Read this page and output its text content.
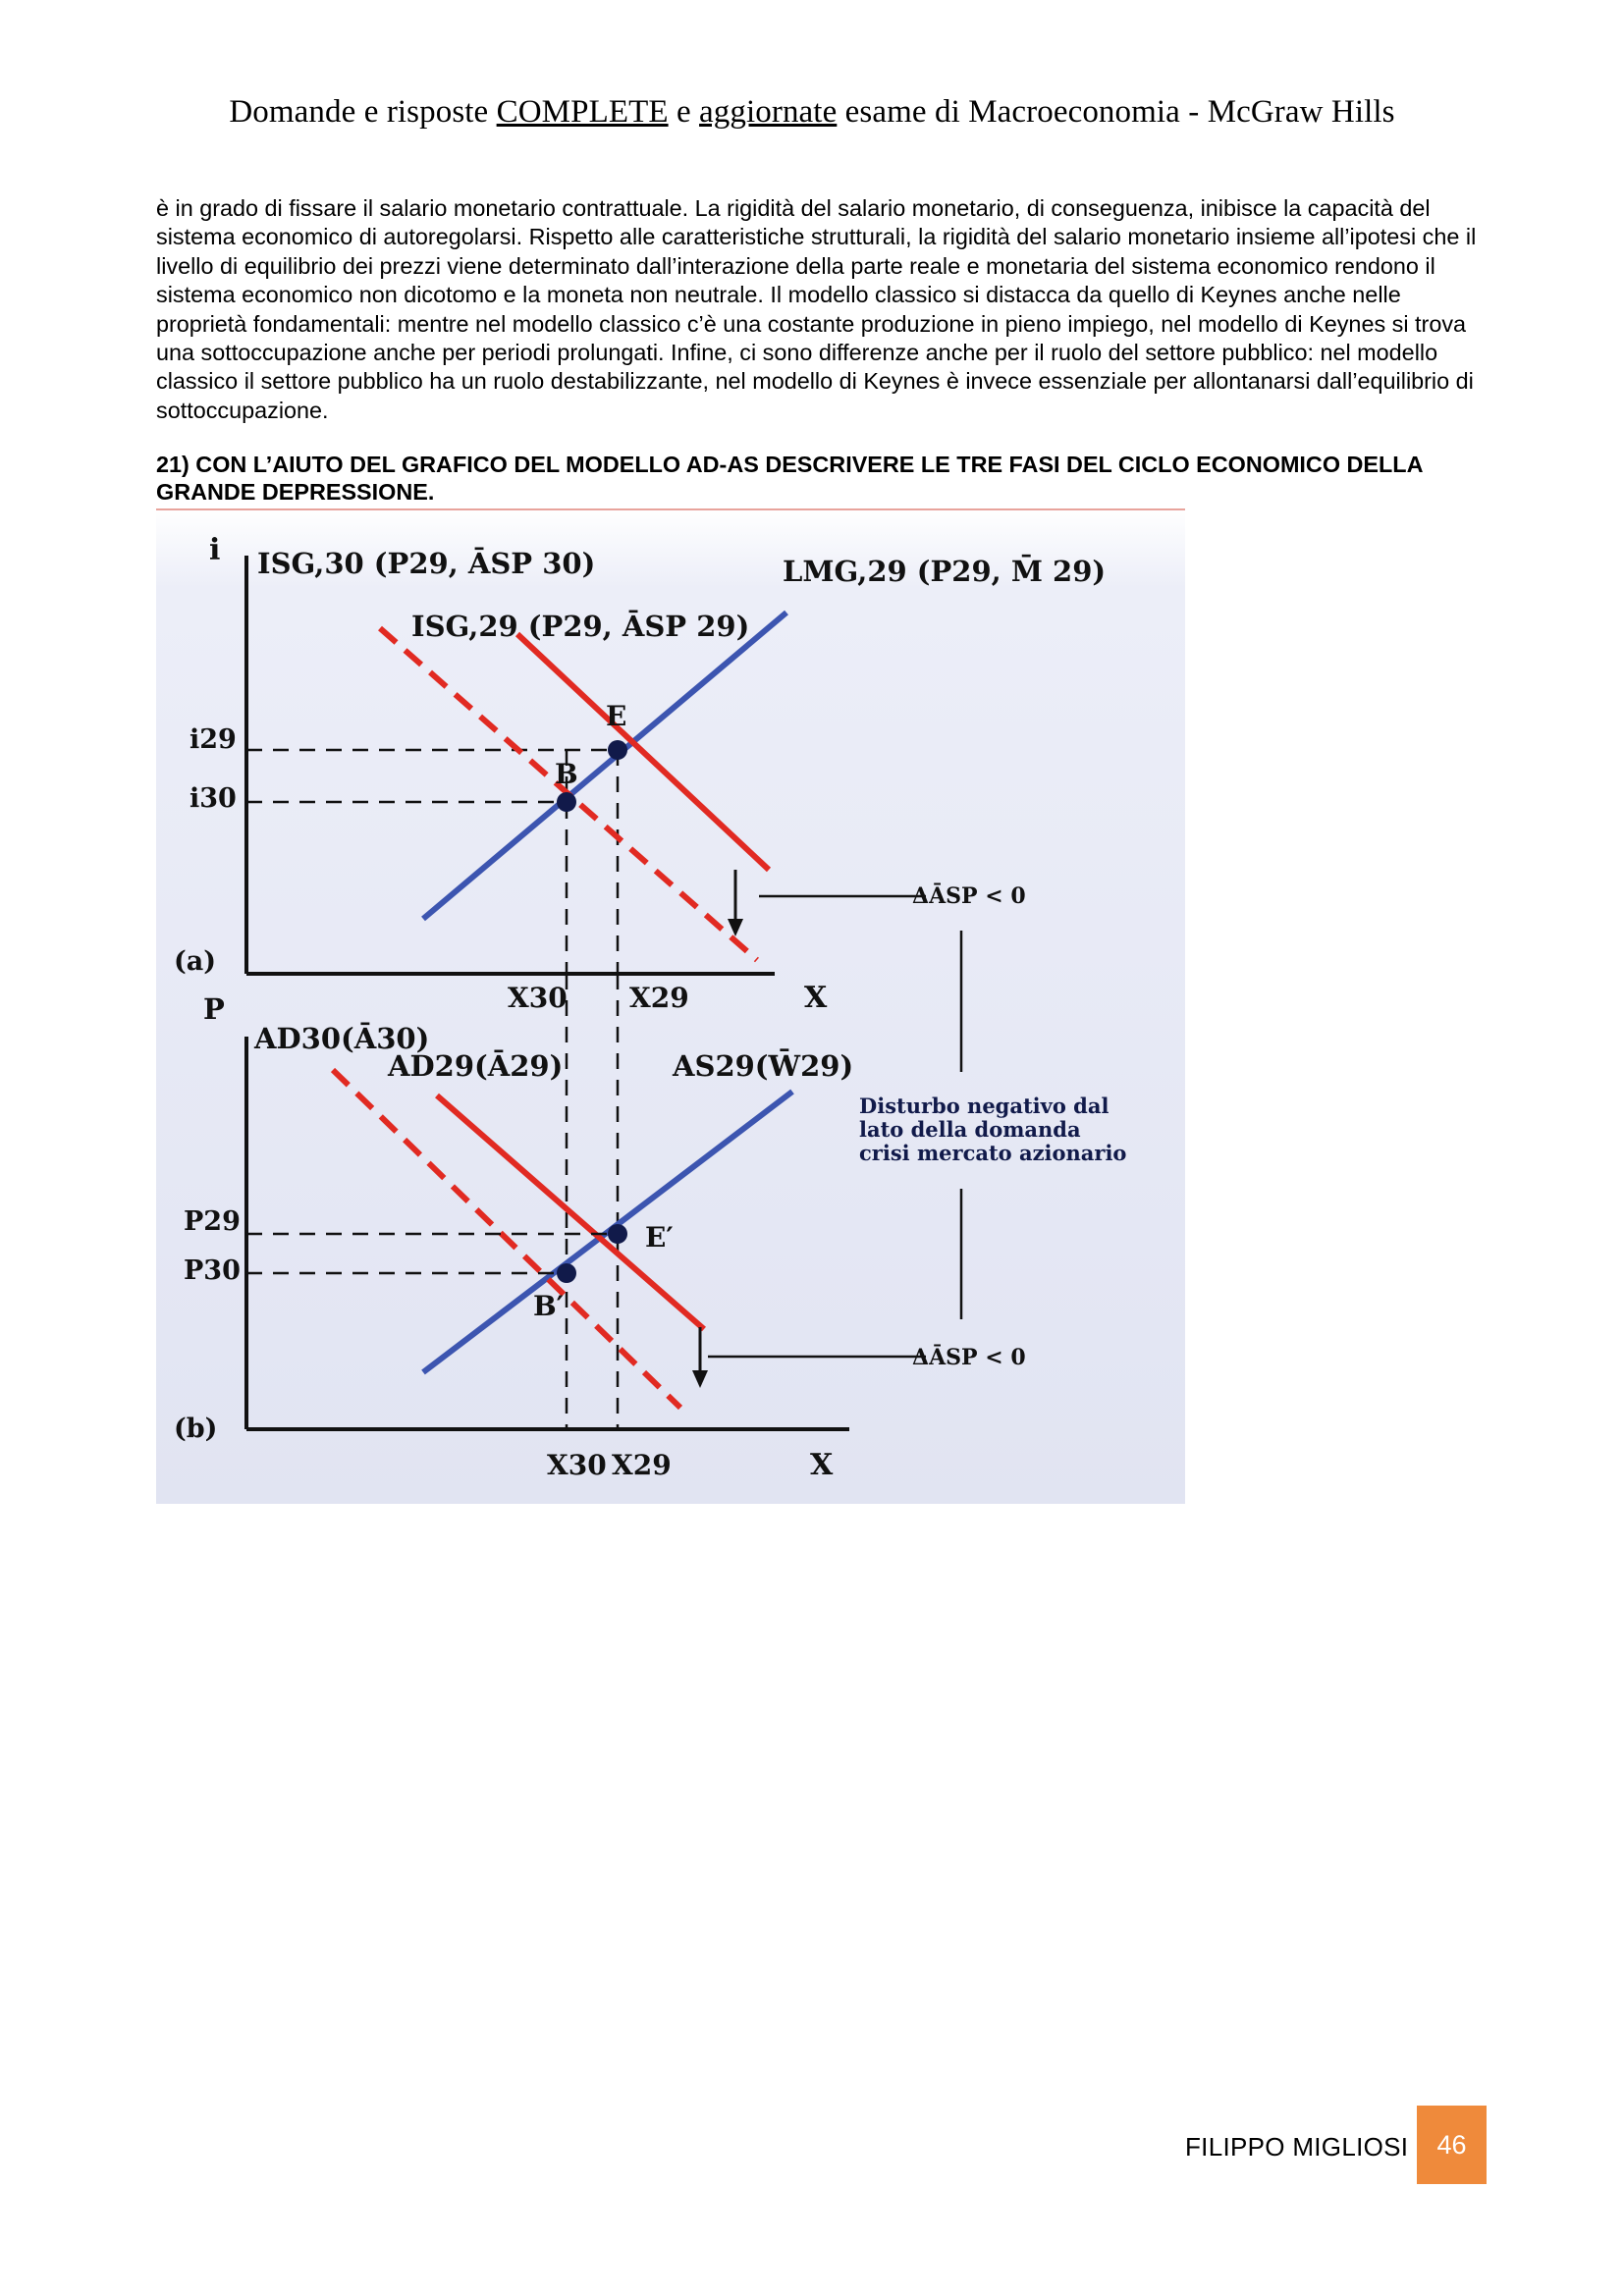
Domande e risposte COMPLETE e aggiornate esame di Macroeconomia - McGraw Hills

è in grado di fissare il salario monetario contrattuale. La rigidità del salario monetario, di conseguenza, inibisce la capacità del sistema economico di autoregolarsi. Rispetto alle caratteristiche strutturali, la rigidità del salario monetario insieme all’ipotesi che il livello di equilibrio dei prezzi viene determinato dall’interazione della parte reale e monetaria del sistema economico rendono il sistema economico non dicotomo e la moneta non neutrale. Il modello classico si distacca da quello di Keynes anche nelle proprietà fondamentali: mentre nel modello classico c’è una costante produzione in pieno impiego, nel modello di Keynes si trova una sottoccupazione anche per periodi prolungati. Infine, ci sono differenze anche per il ruolo del settore pubblico: nel modello classico il settore pubblico ha un ruolo destabilizzante, nel modello di Keynes è invece essenziale per allontanarsi dall’equilibrio di sottoccupazione.

21) CON L’AIUTO DEL GRAFICO DEL MODELLO AD-AS DESCRIVERE LE TRE FASI DEL CICLO ECONOMICO DELLA GRANDE DEPRESSIONE.

i ISG,30 (P29, ĀSP 30)
ISG,29 (P29, ĀSP 29)
LMG,29 (P29, M̄ 29)
E
B
i29
i30
(a)
X30 X29	X
ΔĀSP < 0
P
AD30(Ā30)
AD29(Ā29)	AS29(W̄29)
P29
P30
E′
B′
(b)
X30 X29	X
ΔĀSP < 0
Disturbo negativo dal
lato della domanda
crisi mercato azionario
FILIPPO MIGLIOSI	46
